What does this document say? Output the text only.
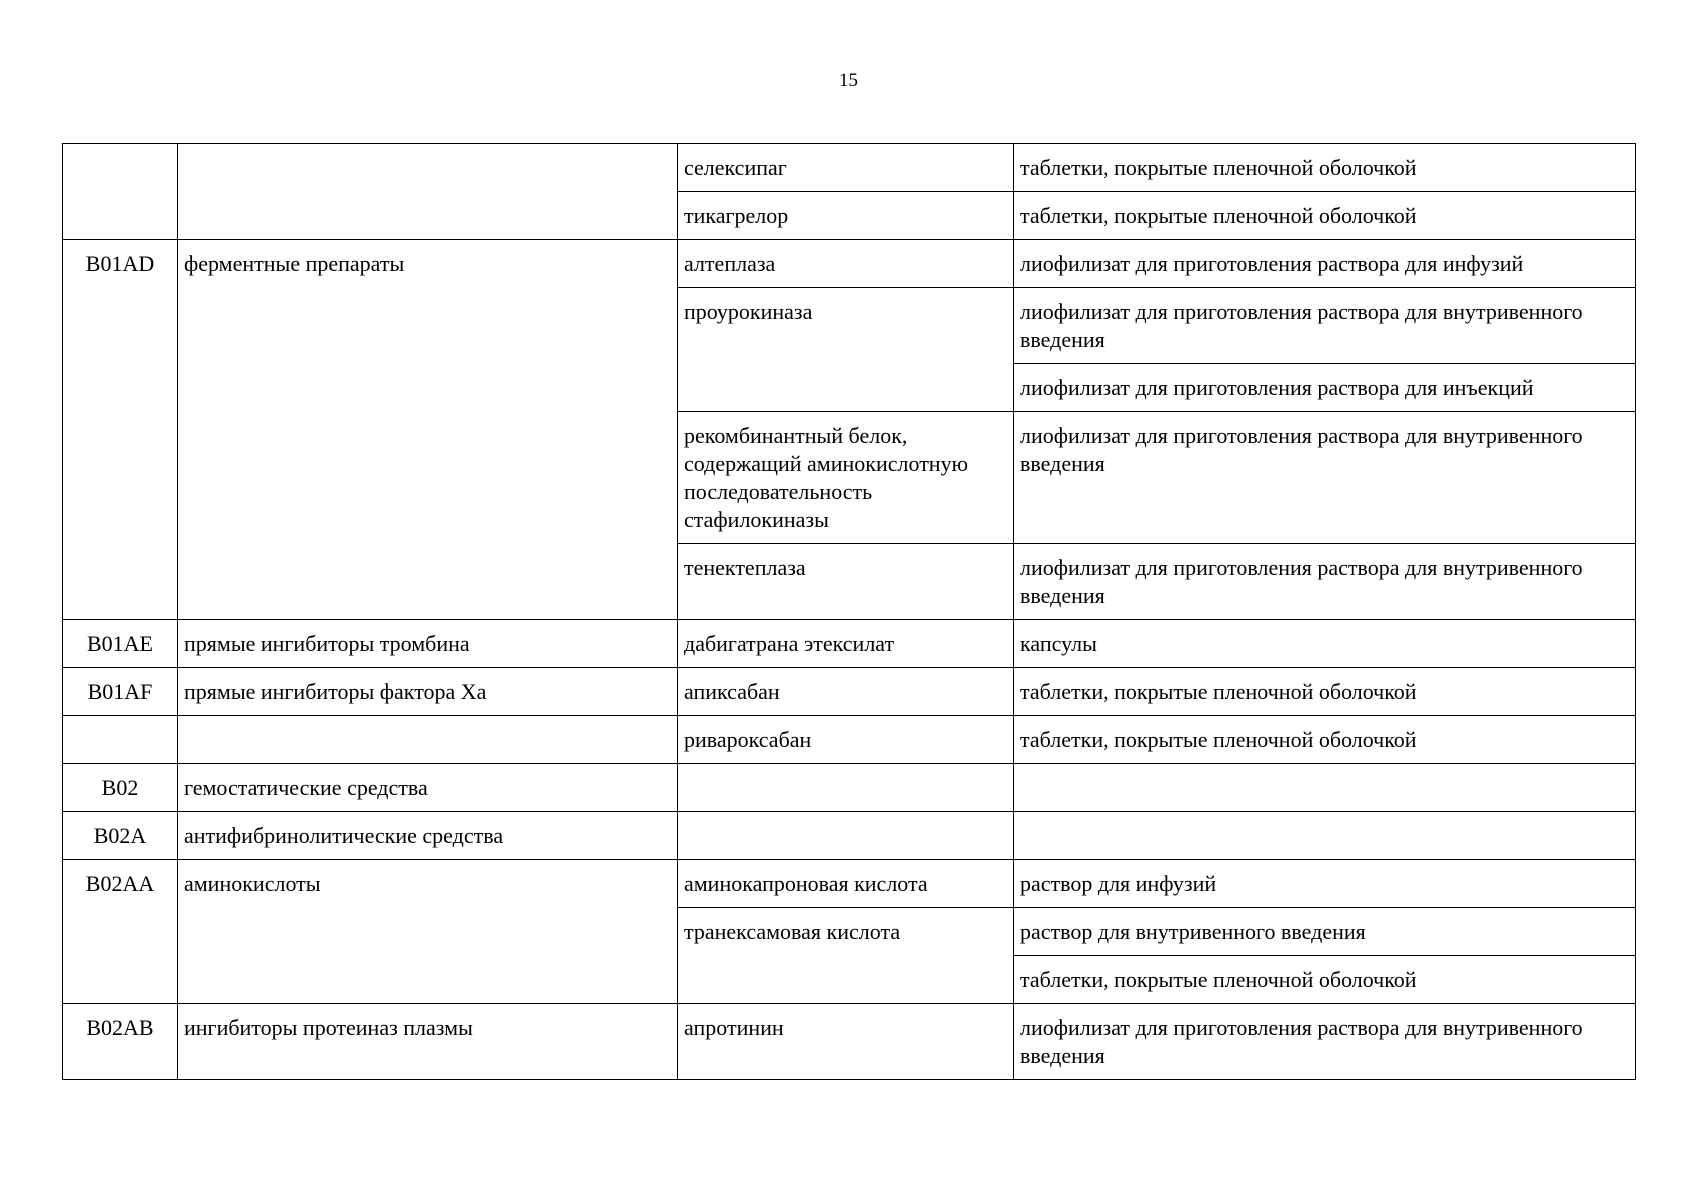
15
		селексипаг	таблетки, покрытые пленочной оболочкой
		тикагрелор	таблетки, покрытые пленочной оболочкой
B01AD	ферментные препараты	алтеплаза	лиофилизат для приготовления раствора для инфузий
		проурокиназа	лиофилизат для приготовления раствора для внутривенного введения
			лиофилизат для приготовления раствора для инъекций
		рекомбинантный белок, содержащий аминокислотную последовательность стафилокиназы	лиофилизат для приготовления раствора для внутривенного введения
		тенектеплаза	лиофилизат для приготовления раствора для внутривенного введения
B01AE	прямые ингибиторы тромбина	дабигатрана этексилат	капсулы
B01AF	прямые ингибиторы фактора Xa	апиксабан	таблетки, покрытые пленочной оболочкой
		ривароксабан	таблетки, покрытые пленочной оболочкой
B02	гемостатические средства		
B02A	антифибринолитические средства		
B02AA	аминокислоты	аминокапроновая кислота	раствор для инфузий
		транексамовая кислота	раствор для внутривенного введения
			таблетки, покрытые пленочной оболочкой
B02AB	ингибиторы протеиназ плазмы	апротинин	лиофилизат для приготовления раствора для внутривенного введения
